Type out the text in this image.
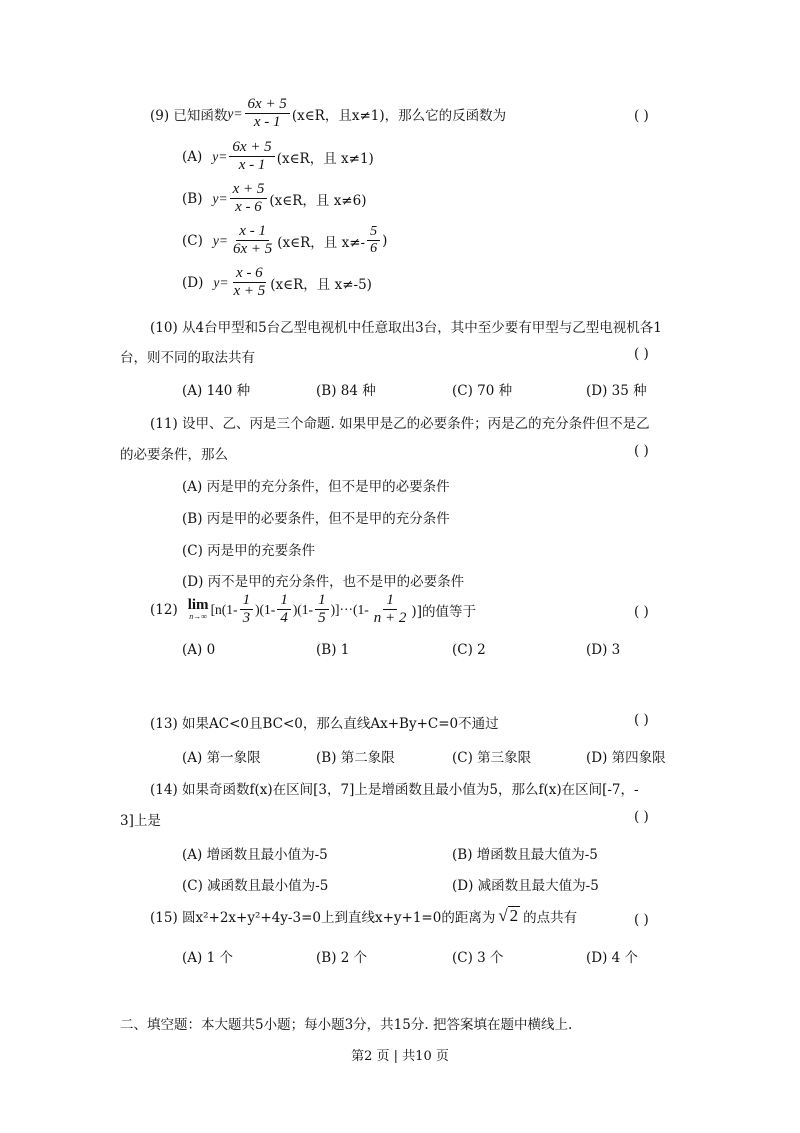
(9) 已知函数 $y= \frac{6x + 5}{x - 1}$ (x∈R，且x≠1)，那么它的反函数为	( )
(A) $y= \frac{6x + 5}{x - 1}$ (x∈R，且 x≠1)
(B) $y= \frac{x + 5}{x - 6}$ (x∈R，且 x≠6)
(C) $y= \frac{x - 1}{6x + 5}$ (x∈R，且 $x\ne- \frac{5}{6}$ )
(D) $y= \frac{x - 6}{x + 5}$ (x∈R，且 x≠-5)
(10) 从4台甲型和5台乙型电视机中任意取出3台，其中至少要有甲型与乙型电视机各1
台，则不同的取法共有	( )
(A) 140 种	(B) 84 种	(C) 70 种	(D) 35 种
(11) 设甲、乙、丙是三个命题. 如果甲是乙的必要条件；丙是乙的充分条件但不是乙
的必要条件，那么	( )
(A) 丙是甲的充分条件，但不是甲的必要条件
(B) 丙是甲的必要条件，但不是甲的充分条件
(C) 丙是甲的充要条件
(D) 丙不是甲的充分条件，也不是甲的必要条件
(12) lim
n→∞ $[n(1- \frac{1}{3} )(1- \frac{1}{4} )(1- \frac{1}{5} )]\cdot\cdot\cdot(1- \frac{1}{n + 2}$ )]的值等于	( )
(A) 0	(B) 1	(C) 2	(D) 3
(13) 如果AC<0且BC<0，那么直线Ax+By+C=0不通过	( )
(A) 第一象限	(B) 第二象限	(C) 第三象限	(D) 第四象限
(14) 如果奇函数f(x)在区间[3，7]上是增函数且最小值为5，那么f(x)在区间[-7，-
3]上是	( )
(A) 增函数且最小值为-5	(B) 增函数且最大值为-5
(C) 减函数且最小值为-5	(D) 减函数且最大值为-5
(15) 圆x²+2x+y²+4y-3=0上到直线x+y+1=0的距离为 √ 2 的点共有	( )
(A) 1 个	(B) 2 个	(C) 3 个	(D) 4 个
二、填空题：本大题共5小题；每小题3分，共15分. 把答案填在题中横线上.
第2 页 | 共10 页
